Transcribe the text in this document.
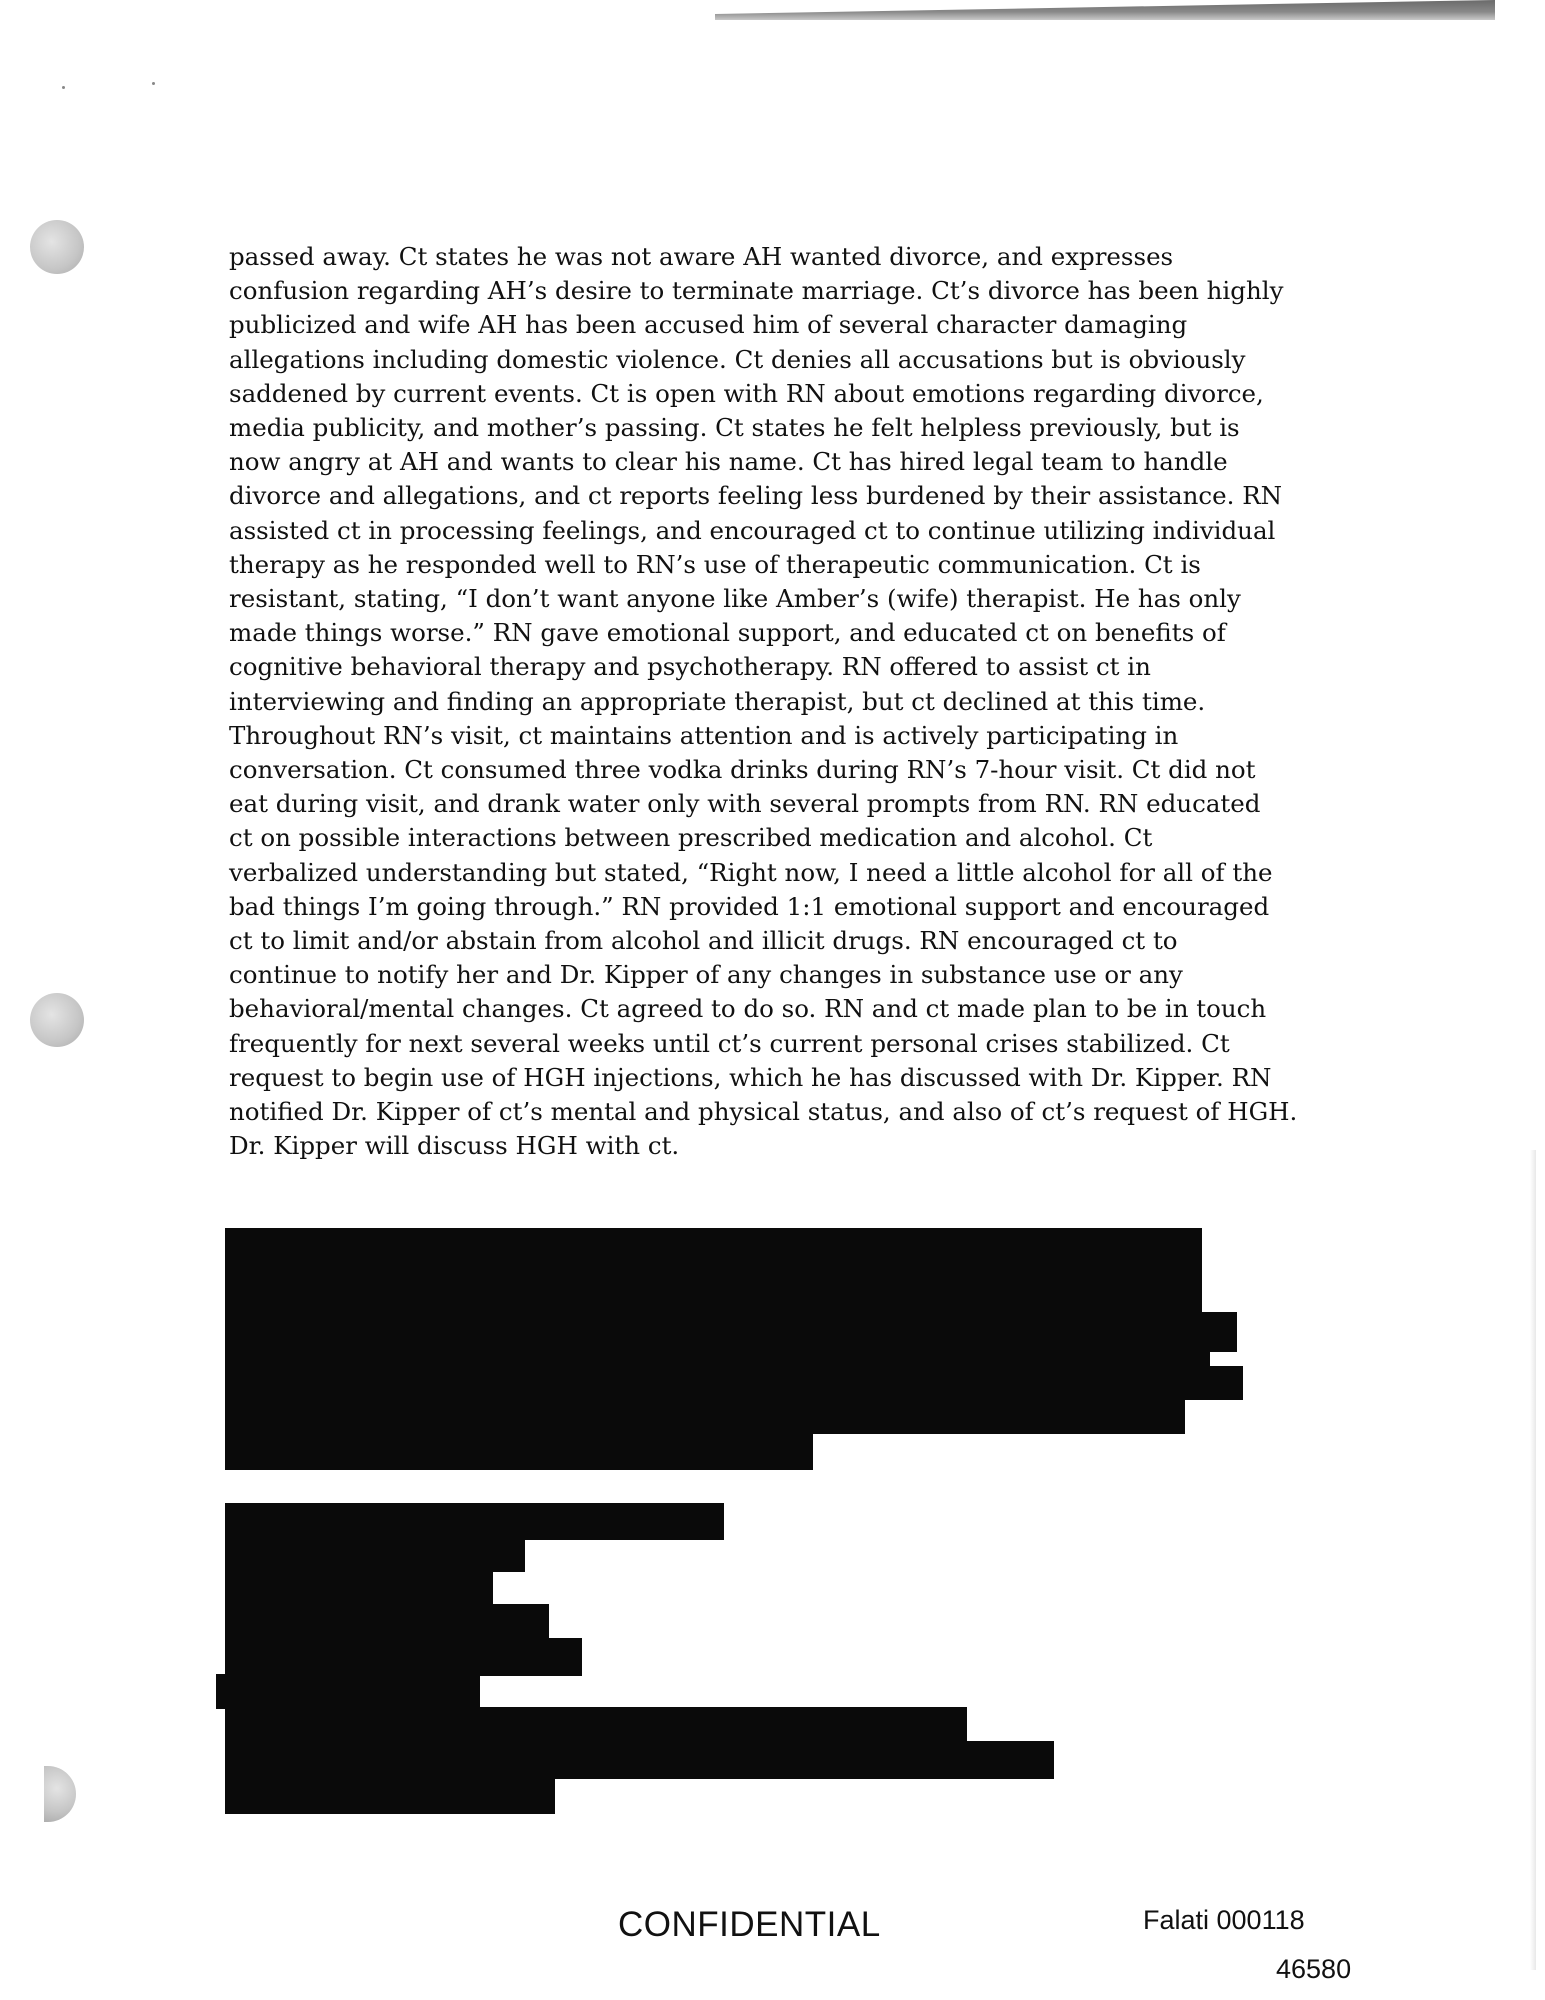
passed away. Ct states he was not aware AH wanted divorce, and expresses
confusion regarding AH’s desire to terminate marriage. Ct’s divorce has been highly
publicized and wife AH has been accused him of several character damaging
allegations including domestic violence. Ct denies all accusations but is obviously
saddened by current events. Ct is open with RN about emotions regarding divorce,
media publicity, and mother’s passing. Ct states he felt helpless previously, but is
now angry at AH and wants to clear his name. Ct has hired legal team to handle
divorce and allegations, and ct reports feeling less burdened by their assistance. RN
assisted ct in processing feelings, and encouraged ct to continue utilizing individual
therapy as he responded well to RN’s use of therapeutic communication. Ct is
resistant, stating, “I don’t want anyone like Amber’s (wife) therapist. He has only
made things worse.” RN gave emotional support, and educated ct on benefits of
cognitive behavioral therapy and psychotherapy. RN offered to assist ct in
interviewing and finding an appropriate therapist, but ct declined at this time.
Throughout RN’s visit, ct maintains attention and is actively participating in
conversation. Ct consumed three vodka drinks during RN’s 7-hour visit. Ct did not
eat during visit, and drank water only with several prompts from RN. RN educated
ct on possible interactions between prescribed medication and alcohol. Ct
verbalized understanding but stated, “Right now, I need a little alcohol for all of the
bad things I’m going through.” RN provided 1:1 emotional support and encouraged
ct to limit and/or abstain from alcohol and illicit drugs. RN encouraged ct to
continue to notify her and Dr. Kipper of any changes in substance use or any
behavioral/mental changes. Ct agreed to do so. RN and ct made plan to be in touch
frequently for next several weeks until ct’s current personal crises stabilized. Ct
request to begin use of HGH injections, which he has discussed with Dr. Kipper. RN
notified Dr. Kipper of ct’s mental and physical status, and also of ct’s request of HGH.
Dr. Kipper will discuss HGH with ct.

CONFIDENTIAL	Falati 000118
46580
